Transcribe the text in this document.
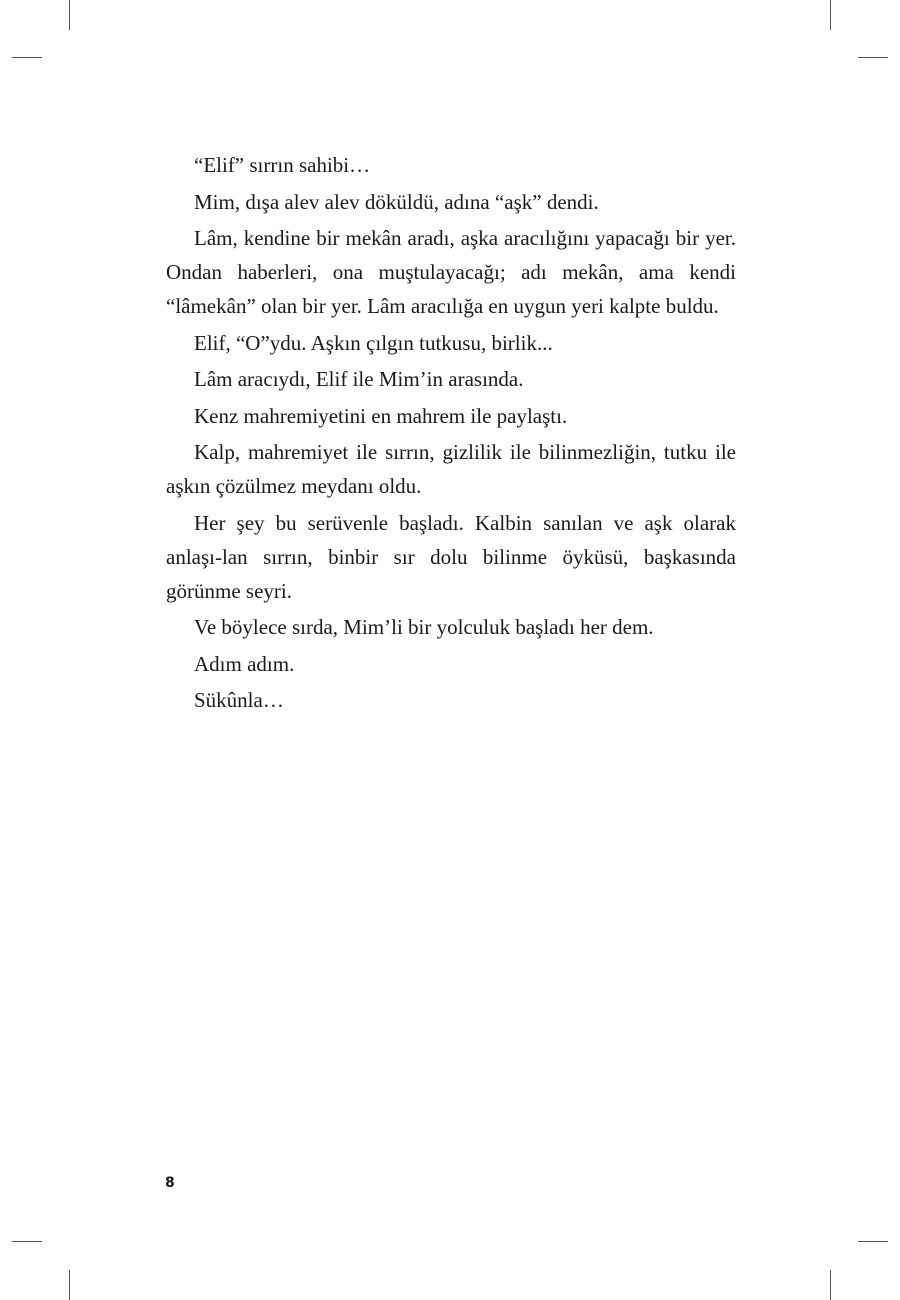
“Elif” sırrın sahibi…

Mim, dışa alev alev döküldü, adına “aşk” dendi.

Lâm, kendine bir mekân aradı, aşka aracılığını yapacağı bir yer. Ondan haberleri, ona muştulayacağı; adı mekân, ama kendi “lâmekân” olan bir yer. Lâm aracılığa en uygun yeri kalpte buldu.

Elif, “O”ydu. Aşkın çılgın tutkusu, birlik...

Lâm aracıydı, Elif ile Mim’in arasında.

Kenz mahremiyetini en mahrem ile paylaştı.

Kalp, mahremiyet ile sırrın, gizlilik ile bilinmezliğin, tutku ile aşkın çözülmez meydanı oldu.

Her şey bu serüvenle başladı. Kalbin sanılan ve aşk olarak anlaşı-lan sırrın, binbir sır dolu bilinme öyküsü, başkasında görünme seyri.

Ve böylece sırda, Mim’li bir yolculuk başladı her dem.

Adım adım.

Sükûnla…

8
